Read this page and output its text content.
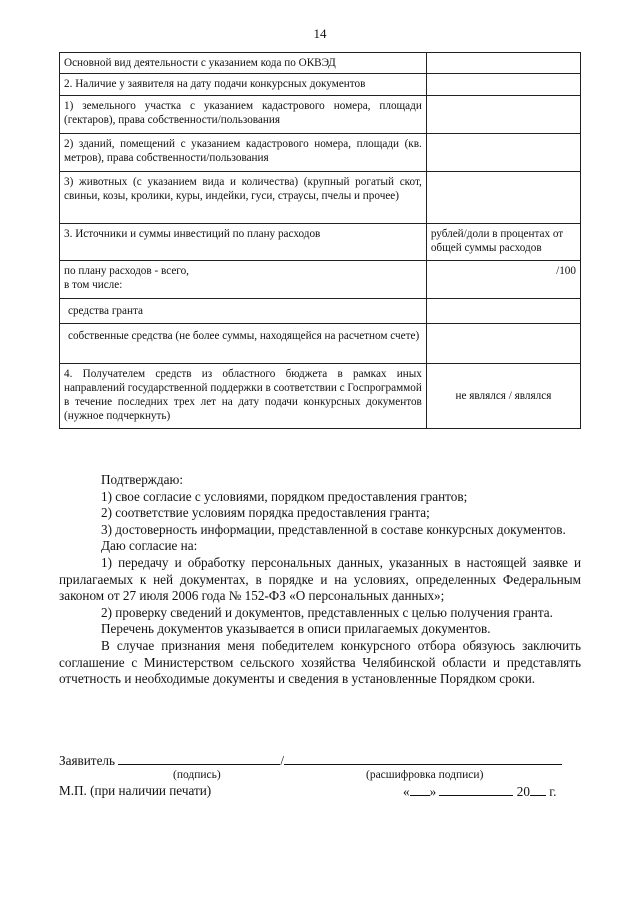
14
Основной вид деятельности с указанием кода по ОКВЭД	
2. Наличие у заявителя на дату подачи конкурсных документов	
1) земельного участка с указанием кадастрового номера, площади (гектаров), права собственности/пользования	
2) зданий, помещений с указанием кадастрового номера, площади (кв. метров), права собственности/пользования	
3) животных (с указанием вида и количества) (крупный рогатый скот, свиньи, козы, кролики, куры, индейки, гуси, страусы, пчелы и прочее)	
3. Источники и суммы инвестиций по плану расходов	рублей/доли в процентах от общей суммы расходов

по плану расходов - всего,
в том числе:	/100
средства гранта	
собственные средства (не более суммы, находящейся на расчетном счете)	
4. Получателем средств из областного бюджета в рамках иных направлений государственной поддержки в соответствии с Госпрограммой в течение последних трех лет на дату подачи конкурсных документов (нужное подчеркнуть)	не являлся / являлся

Подтверждаю:

1) свое согласие с условиями, порядком предоставления грантов;

2) соответствие условиям порядка предоставления гранта;

3) достоверность информации, представленной в составе конкурсных документов.

Даю согласие на:

1) передачу и обработку персональных данных, указанных в настоящей заявке и прилагаемых к ней документах, в порядке и на условиях, определенных Федеральным законом от 27 июля 2006 года № 152-ФЗ «О персональных данных»;

2) проверку сведений и документов, представленных с целью получения гранта.

Перечень документов указывается в описи прилагаемых документов.

В случае признания меня победителем конкурсного отбора обязуюсь заключить соглашение с Министерством сельского хозяйства Челябинской области и представлять отчетность и необходимые документы и сведения в установленные Порядком сроки.

Заявитель	/
(подпись)	(расшифровка подписи)
М.П. (при наличии печати)	« »	20 г.
